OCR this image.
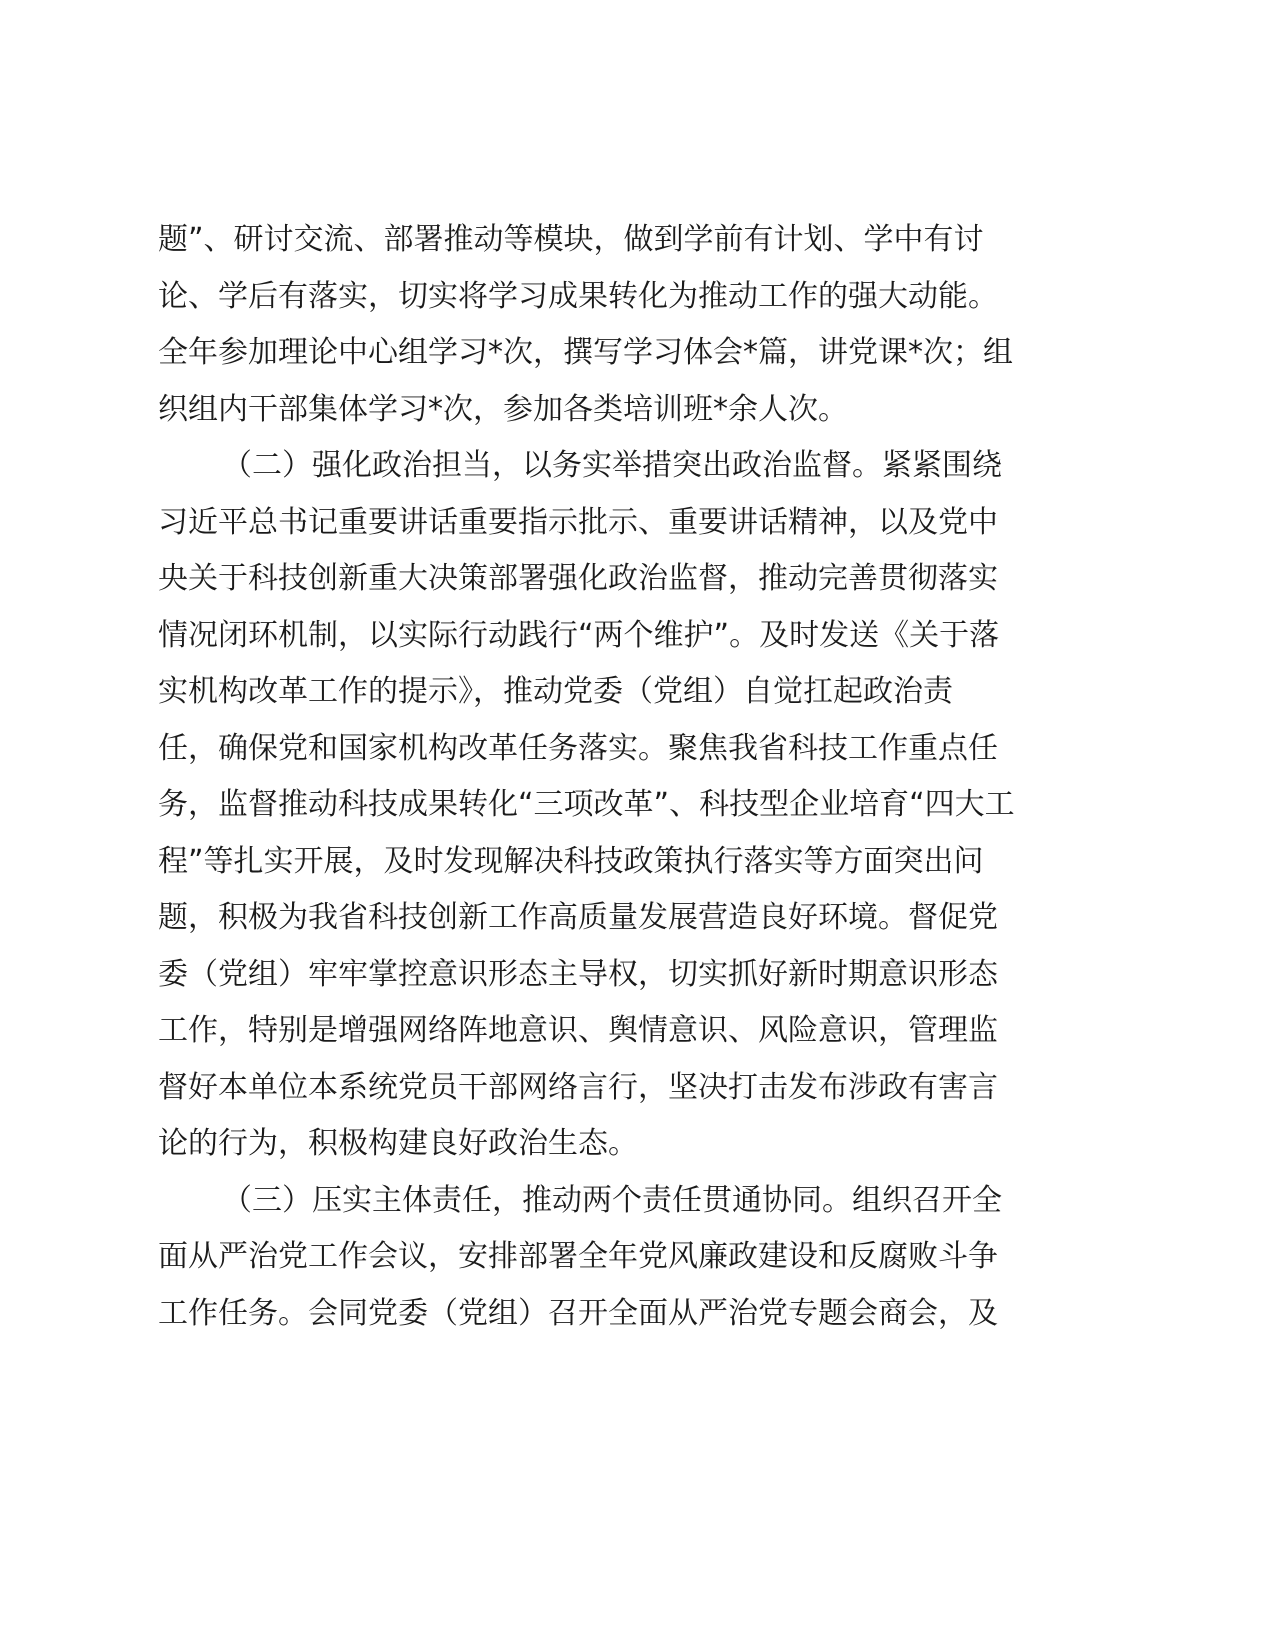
题”、研讨交流、部署推动等模块，做到学前有计划、学中有讨
论、学后有落实，切实将学习成果转化为推动工作的强大动能。
全年参加理论中心组学习*次，撰写学习体会*篇，讲党课*次；组
织组内干部集体学习*次，参加各类培训班*余人次。
（二）强化政治担当，以务实举措突出政治监督。紧紧围绕
习近平总书记重要讲话重要指示批示、重要讲话精神，以及党中
央关于科技创新重大决策部署强化政治监督，推动完善贯彻落实
情况闭环机制，以实际行动践行“两个维护”。及时发送《关于落
实机构改革工作的提示》，推动党委（党组）自觉扛起政治责
任，确保党和国家机构改革任务落实。聚焦我省科技工作重点任
务，监督推动科技成果转化“三项改革”、科技型企业培育“四大工
程”等扎实开展，及时发现解决科技政策执行落实等方面突出问
题，积极为我省科技创新工作高质量发展营造良好环境。督促党
委（党组）牢牢掌控意识形态主导权，切实抓好新时期意识形态
工作，特别是增强网络阵地意识、舆情意识、风险意识，管理监
督好本单位本系统党员干部网络言行，坚决打击发布涉政有害言
论的行为，积极构建良好政治生态。
（三）压实主体责任，推动两个责任贯通协同。组织召开全
面从严治党工作会议，安排部署全年党风廉政建设和反腐败斗争
工作任务。会同党委（党组）召开全面从严治党专题会商会，及
